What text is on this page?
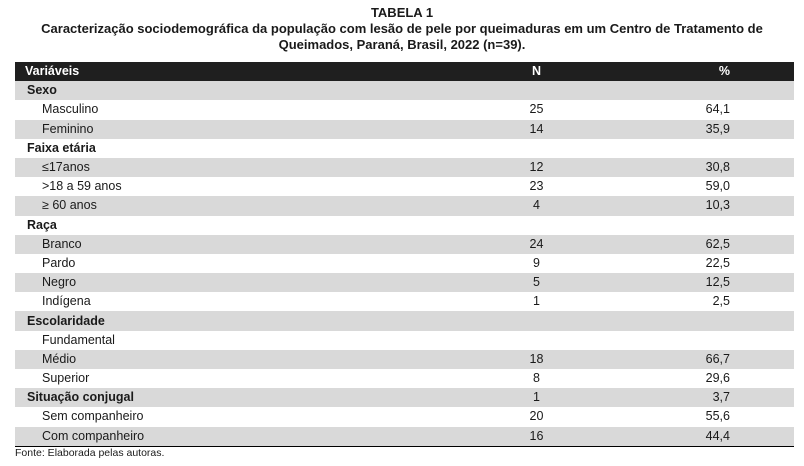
TABELA 1
Caracterização sociodemográfica da população com lesão de pele por queimaduras em um Centro de Tratamento de
Queimados, Paraná, Brasil, 2022 (n=39).
Variáveis	N	%
Sexo		
Masculino	25	64,1
Feminino	14	35,9
Faixa etária		
≤17anos	12	30,8
>18 a 59 anos	23	59,0
≥ 60 anos	4	10,3
Raça		
Branco	24	62,5
Pardo	9	22,5
Negro	5	12,5
Indígena	1	2,5
Escolaridade		
Fundamental		
Médio	18	66,7
Superior	8	29,6
Situação conjugal	1	3,7
Sem companheiro	20	55,6
Com companheiro	16	44,4
Fonte: Elaborada pelas autoras.
